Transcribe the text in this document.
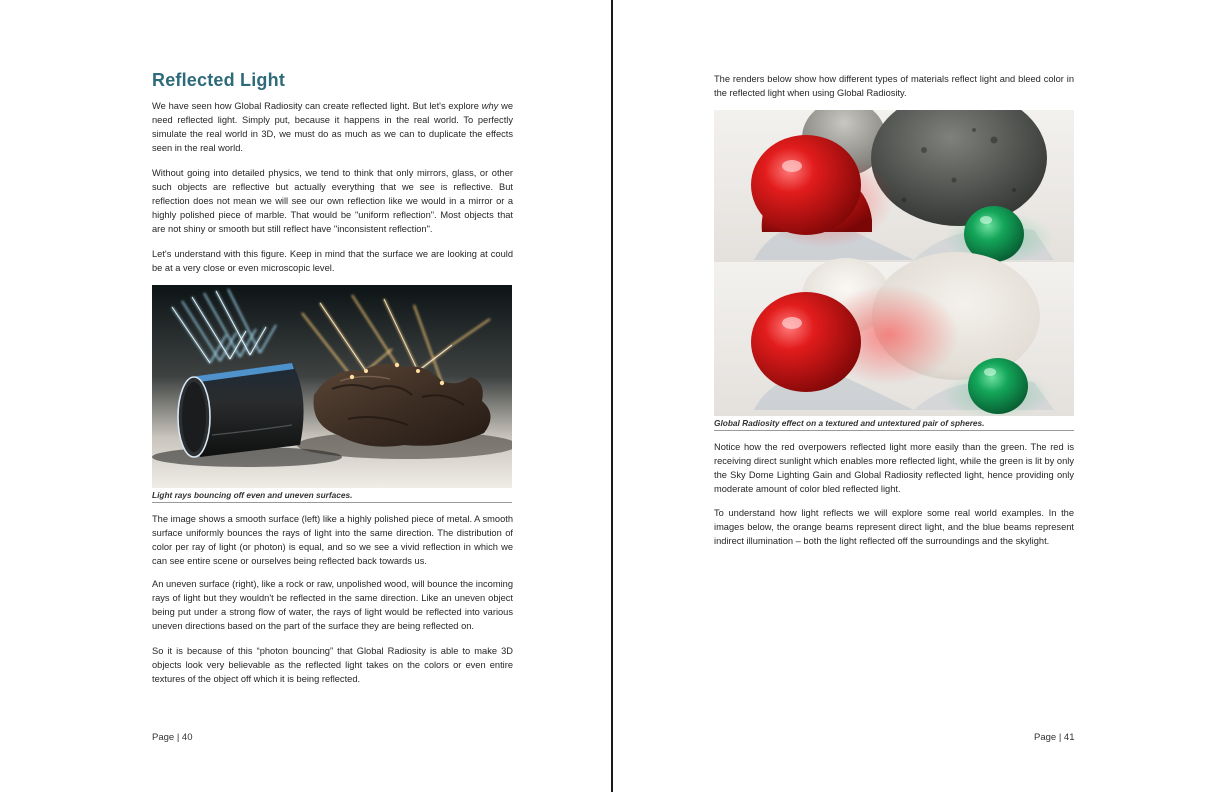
Reflected Light

We have seen how Global Radiosity can create reflected light. But let's explore why we need reflected light. Simply put, because it happens in the real world. To perfectly simulate the real world in 3D, we must do as much as we can to duplicate the effects seen in the real world.

Without going into detailed physics, we tend to think that only mirrors, glass, or other such objects are reflective but actually everything that we see is reflective. But reflection does not mean we will see our own reflection like we would in a mirror or a highly polished piece of marble. That would be "uniform reflection". Most objects that are not shiny or smooth but still reflect have "inconsistent reflection".

Let's understand with this figure. Keep in mind that the surface we are looking at could be at a very close or even microscopic level.

Light rays bouncing off even and uneven surfaces.

The image shows a smooth surface (left) like a highly polished piece of metal. A smooth surface uniformly bounces the rays of light into the same direction. The distribution of color per ray of light (or photon) is equal, and so we see a vivid reflection in which we can see entire scene or ourselves being reflected back towards us.

An uneven surface (right), like a rock or raw, unpolished wood, will bounce the incoming rays of light but they wouldn't be reflected in the same direction. Like an uneven object being put under a strong flow of water, the rays of light would be reflected into various uneven directions based on the part of the surface they are being reflected on.

So it is because of this “photon bouncing” that Global Radiosity is able to make 3D objects look very believable as the reflected light takes on the colors or even entire textures of the object off which it is being reflected.

Page | 40

The renders below show how different types of materials reflect light and bleed color in the reflected light when using Global Radiosity.

Global Radiosity effect on a textured and untextured pair of spheres.

Notice how the red overpowers reflected light more easily than the green. The red is receiving direct sunlight which enables more reflected light, while the green is lit by only the Sky Dome Lighting Gain and Global Radiosity reflected light, hence providing only moderate amount of color bled reflected light.

To understand how light reflects we will explore some real world examples. In the images below, the orange beams represent direct light, and the blue beams represent indirect illumination – both the light reflected off the surroundings and the skylight.

Page | 41
